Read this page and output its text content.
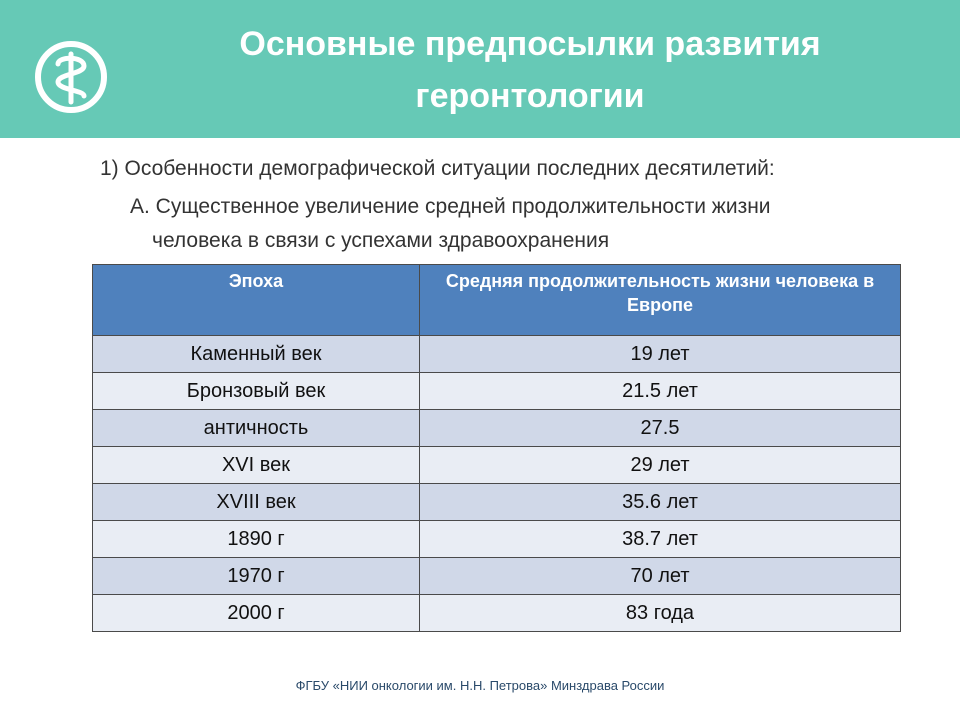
Основные предпосылки развития
геронтологии
1) Особенности демографической ситуации последних десятилетий:
А. Существенное увеличение средней продолжительности жизни
человека в связи с успехами здравоохранения
Эпоха	Средняя продолжительность жизни человека в Европе
Каменный век	19 лет
Бронзовый век	21.5 лет
античность	27.5
XVI век	29 лет
XVIII век	35.6 лет
1890 г	38.7 лет
1970 г	70 лет
2000 г	83 года
ФГБУ «НИИ онкологии им. Н.Н. Петрова» Минздрава России
